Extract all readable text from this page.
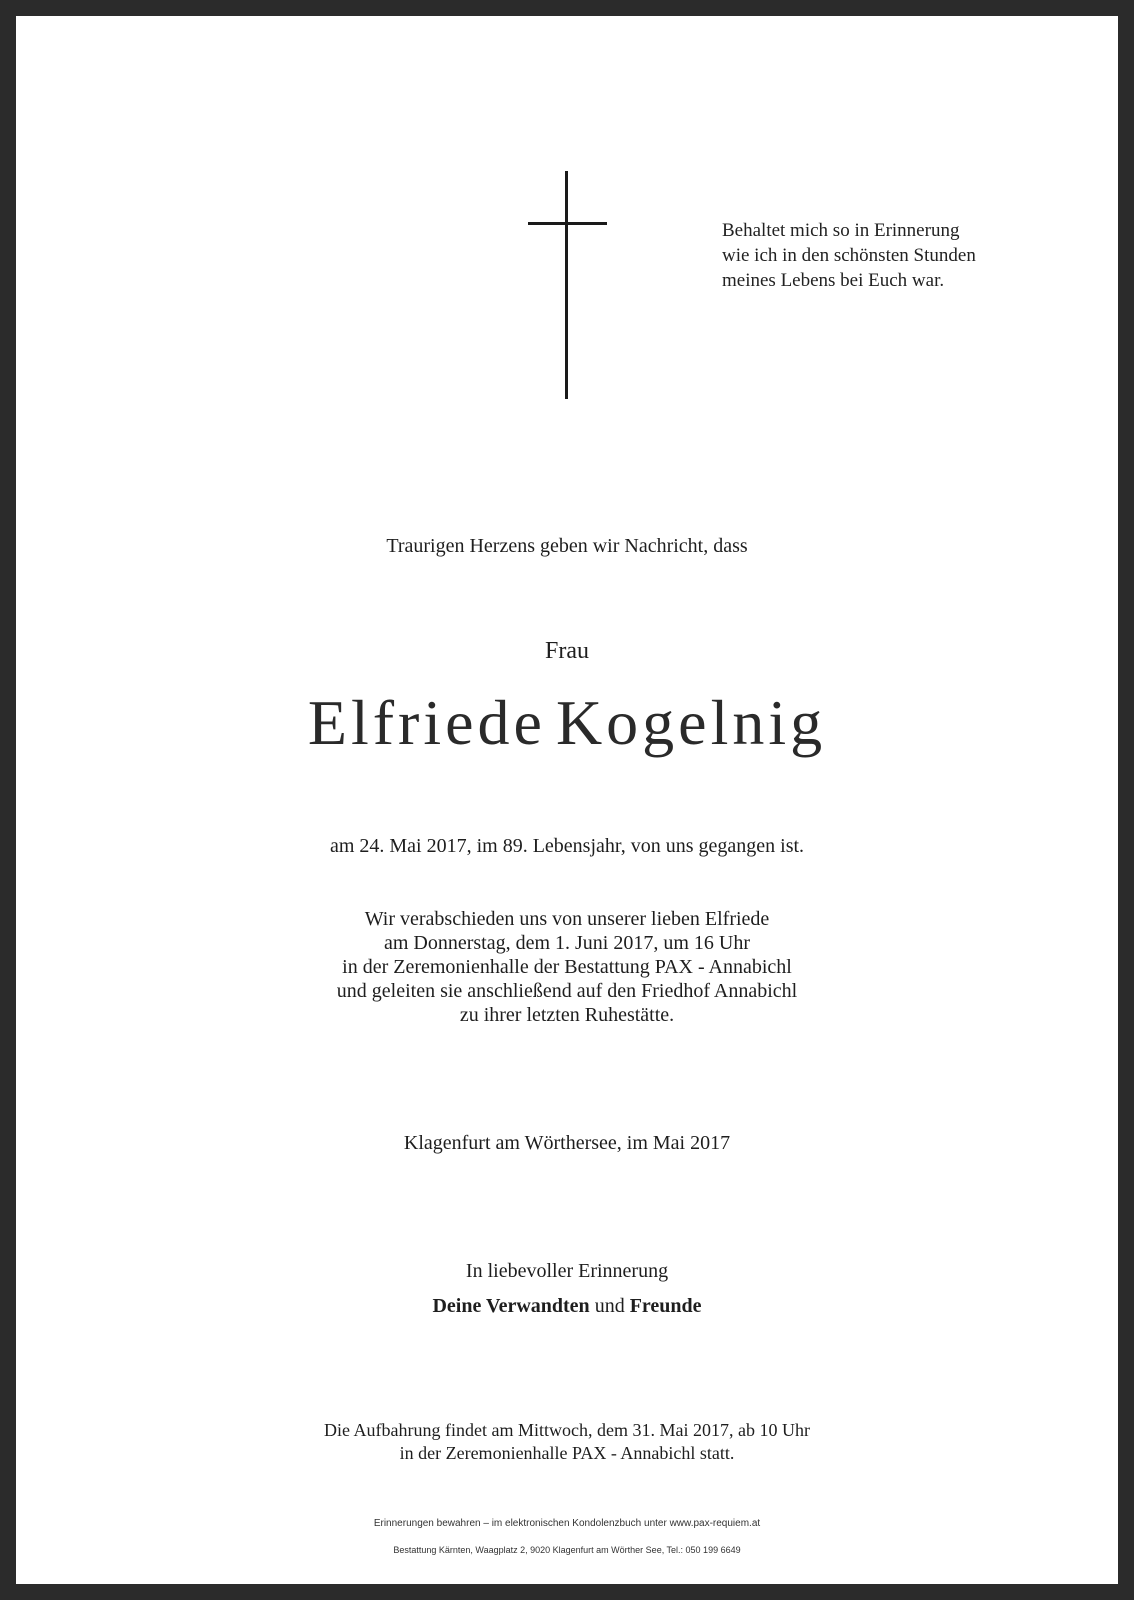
Behaltet mich so in Erinnerung
wie ich in den schönsten Stunden
meines Lebens bei Euch war.
Traurigen Herzens geben wir Nachricht, dass
Frau
Elfriede Kogelnig
am 24. Mai 2017, im 89. Lebensjahr, von uns gegangen ist.
Wir verabschieden uns von unserer lieben Elfriede
am Donnerstag, dem 1. Juni 2017, um 16 Uhr
in der Zeremonienhalle der Bestattung PAX - Annabichl
und geleiten sie anschließend auf den Friedhof Annabichl
zu ihrer letzten Ruhestätte.
Klagenfurt am Wörthersee, im Mai 2017
In liebevoller Erinnerung
Deine Verwandten und Freunde
Die Aufbahrung findet am Mittwoch, dem 31. Mai 2017, ab 10 Uhr
in der Zeremonienhalle PAX - Annabichl statt.
Erinnerungen bewahren – im elektronischen Kondolenzbuch unter www.pax-requiem.at
Bestattung Kärnten, Waagplatz 2, 9020 Klagenfurt am Wörther See, Tel.: 050 199 6649
